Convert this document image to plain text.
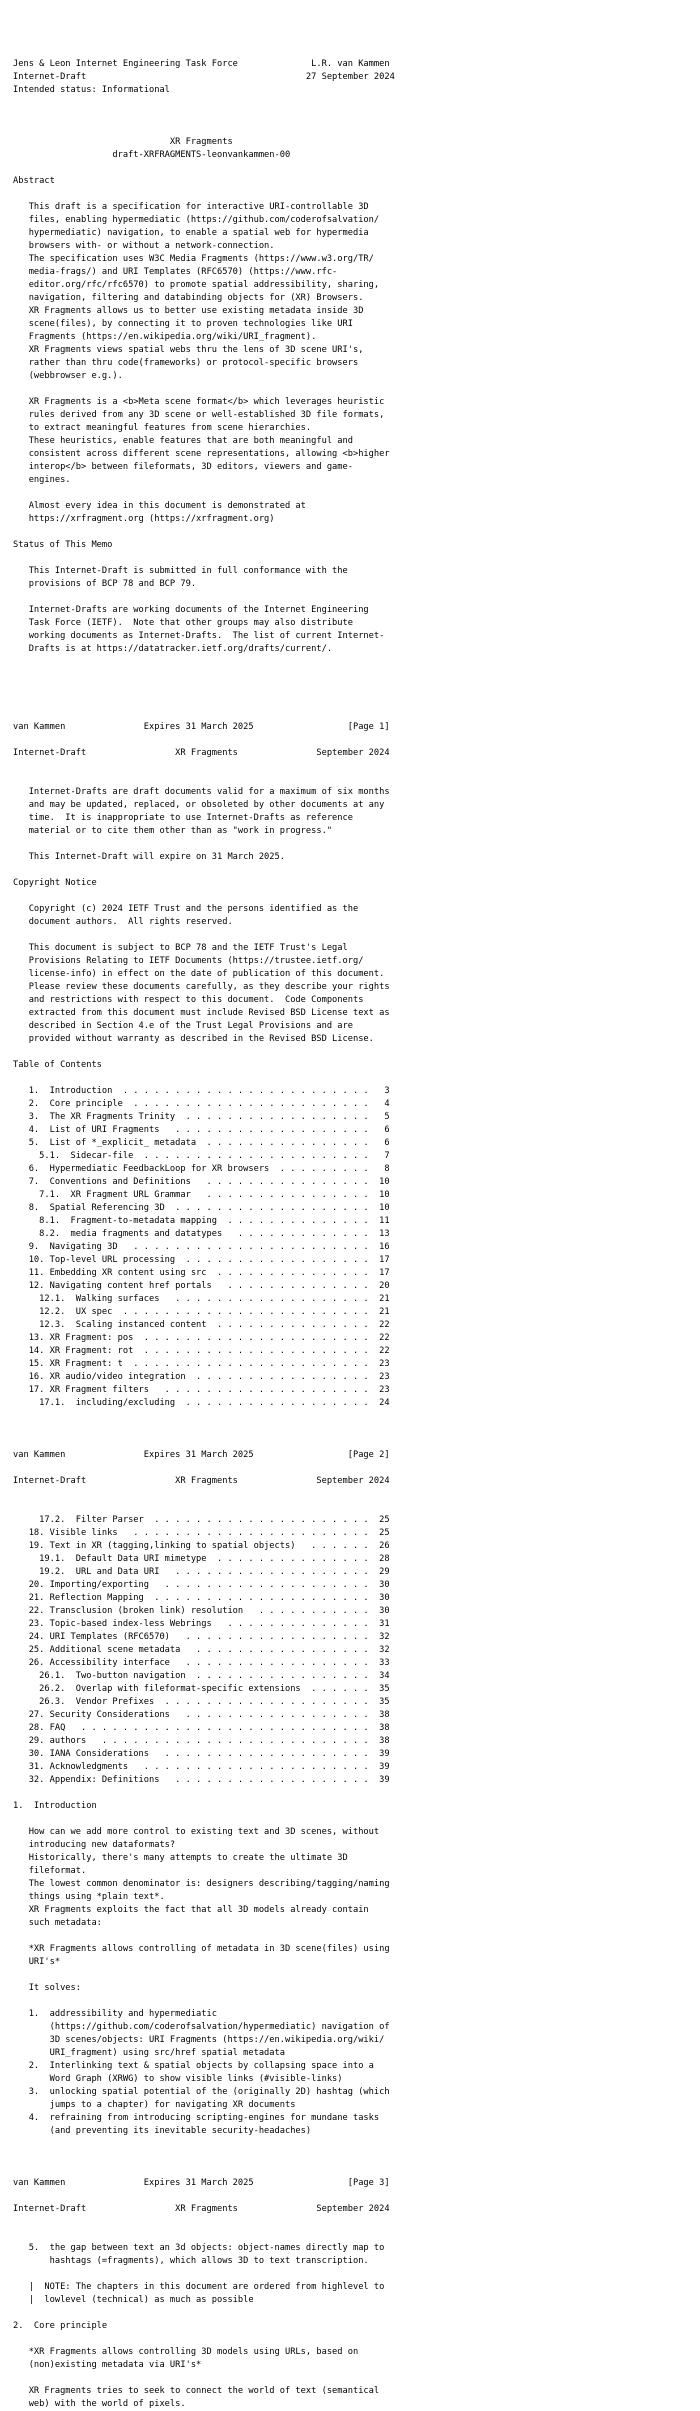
Jens & Leon Internet Engineering Task Force              L.R. van Kammen
Internet-Draft                                          27 September 2024
Intended status: Informational

XR Fragments
draft-XRFRAGMENTS-leonvankammen-00

Abstract

This draft is a specification for interactive URI-controllable 3D
files, enabling hypermediatic (https://github.com/coderofsalvation/
hypermediatic) navigation, to enable a spatial web for hypermedia
browsers with- or without a network-connection.
The specification uses W3C Media Fragments (https://www.w3.org/TR/
media-frags/) and URI Templates (RFC6570) (https://www.rfc-
editor.org/rfc/rfc6570) to promote spatial addressibility, sharing,
navigation, filtering and databinding objects for (XR) Browsers.
XR Fragments allows us to better use existing metadata inside 3D
scene(files), by connecting it to proven technologies like URI
Fragments (https://en.wikipedia.org/wiki/URI_fragment).
XR Fragments views spatial webs thru the lens of 3D scene URI's,
rather than thru code(frameworks) or protocol-specific browsers
(webbrowser e.g.).

XR Fragments is a <b>Meta scene format</b> which leverages heuristic
rules derived from any 3D scene or well-established 3D file formats,
to extract meaningful features from scene hierarchies.
These heuristics, enable features that are both meaningful and
consistent across different scene representations, allowing <b>higher
interop</b> between fileformats, 3D editors, viewers and game-
engines.

Almost every idea in this document is demonstrated at
https://xrfragment.org (https://xrfragment.org)

Status of This Memo

This Internet-Draft is submitted in full conformance with the
provisions of BCP 78 and BCP 79.

Internet-Drafts are working documents of the Internet Engineering
Task Force (IETF).  Note that other groups may also distribute
working documents as Internet-Drafts.  The list of current Internet-
Drafts is at https://datatracker.ietf.org/drafts/current/.

van Kammen               Expires 31 March 2025                  [Page 1]

Internet-Draft                 XR Fragments               September 2024

Internet-Drafts are draft documents valid for a maximum of six months
and may be updated, replaced, or obsoleted by other documents at any
time.  It is inappropriate to use Internet-Drafts as reference
material or to cite them other than as "work in progress."

This Internet-Draft will expire on 31 March 2025.

Copyright Notice

Copyright (c) 2024 IETF Trust and the persons identified as the
document authors.  All rights reserved.

This document is subject to BCP 78 and the IETF Trust's Legal
Provisions Relating to IETF Documents (https://trustee.ietf.org/
license-info) in effect on the date of publication of this document.
Please review these documents carefully, as they describe your rights
and restrictions with respect to this document.  Code Components
extracted from this document must include Revised BSD License text as
described in Section 4.e of the Trust Legal Provisions and are
provided without warranty as described in the Revised BSD License.

Table of Contents

1.  Introduction  . . . . . . . . . . . . . . . . . . . . . . . .   3
2.  Core principle  . . . . . . . . . . . . . . . . . . . . . . .   4
3.  The XR Fragments Trinity  . . . . . . . . . . . . . . . . . .   5
4.  List of URI Fragments   . . . . . . . . . . . . . . . . . . .   6
5.  List of *_explicit_ metadata  . . . . . . . . . . . . . . . .   6
5.1.  Sidecar-file  . . . . . . . . . . . . . . . . . . . . . .   7
6.  Hypermediatic FeedbackLoop for XR browsers  . . . . . . . . .   8
7.  Conventions and Definitions   . . . . . . . . . . . . . . . .  10
7.1.  XR Fragment URL Grammar   . . . . . . . . . . . . . . . .  10
8.  Spatial Referencing 3D  . . . . . . . . . . . . . . . . . . .  10
8.1.  Fragment-to-metadata mapping  . . . . . . . . . . . . . .  11
8.2.  media fragments and datatypes   . . . . . . . . . . . . .  13
9.  Navigating 3D   . . . . . . . . . . . . . . . . . . . . . . .  16
10. Top-level URL processing  . . . . . . . . . . . . . . . . . .  17
11. Embedding XR content using src  . . . . . . . . . . . . . . .  17
12. Navigating content href portals   . . . . . . . . . . . . . .  20
12.1.  Walking surfaces   . . . . . . . . . . . . . . . . . . .  21
12.2.  UX spec  . . . . . . . . . . . . . . . . . . . . . . . .  21
12.3.  Scaling instanced content  . . . . . . . . . . . . . . .  22
13. XR Fragment: pos  . . . . . . . . . . . . . . . . . . . . . .  22
14. XR Fragment: rot  . . . . . . . . . . . . . . . . . . . . . .  22
15. XR Fragment: t  . . . . . . . . . . . . . . . . . . . . . . .  23
16. XR audio/video integration  . . . . . . . . . . . . . . . . .  23
17. XR Fragment filters   . . . . . . . . . . . . . . . . . . . .  23
17.1.  including/excluding  . . . . . . . . . . . . . . . . . .  24

van Kammen               Expires 31 March 2025                  [Page 2]

Internet-Draft                 XR Fragments               September 2024

17.2.  Filter Parser  . . . . . . . . . . . . . . . . . . . . .  25
18. Visible links   . . . . . . . . . . . . . . . . . . . . . . .  25
19. Text in XR (tagging,linking to spatial objects)   . . . . . .  26
19.1.  Default Data URI mimetype  . . . . . . . . . . . . . . .  28
19.2.  URL and Data URI   . . . . . . . . . . . . . . . . . . .  29
20. Importing/exporting   . . . . . . . . . . . . . . . . . . . .  30
21. Reflection Mapping  . . . . . . . . . . . . . . . . . . . . .  30
22. Transclusion (broken link) resolution   . . . . . . . . . . .  30
23. Topic-based index-less Webrings   . . . . . . . . . . . . . .  31
24. URI Templates (RFC6570)   . . . . . . . . . . . . . . . . . .  32
25. Additional scene metadata   . . . . . . . . . . . . . . . . .  32
26. Accessibility interface   . . . . . . . . . . . . . . . . . .  33
26.1.  Two-button navigation  . . . . . . . . . . . . . . . . .  34
26.2.  Overlap with fileformat-specific extensions  . . . . . .  35
26.3.  Vendor Prefixes  . . . . . . . . . . . . . . . . . . . .  35
27. Security Considerations   . . . . . . . . . . . . . . . . . .  38
28. FAQ   . . . . . . . . . . . . . . . . . . . . . . . . . . . .  38
29. authors   . . . . . . . . . . . . . . . . . . . . . . . . . .  38
30. IANA Considerations   . . . . . . . . . . . . . . . . . . . .  39
31. Acknowledgments   . . . . . . . . . . . . . . . . . . . . . .  39
32. Appendix: Definitions   . . . . . . . . . . . . . . . . . . .  39

1.  Introduction

How can we add more control to existing text and 3D scenes, without
introducing new dataformats?
Historically, there's many attempts to create the ultimate 3D
fileformat.
The lowest common denominator is: designers describing/tagging/naming
things using *plain text*.
XR Fragments exploits the fact that all 3D models already contain
such metadata:

*XR Fragments allows controlling of metadata in 3D scene(files) using
URI's*

It solves:

1.  addressibility and hypermediatic
(https://github.com/coderofsalvation/hypermediatic) navigation of
3D scenes/objects: URI Fragments (https://en.wikipedia.org/wiki/
URI_fragment) using src/href spatial metadata
2.  Interlinking text & spatial objects by collapsing space into a
Word Graph (XRWG) to show visible links (#visible-links)
3.  unlocking spatial potential of the (originally 2D) hashtag (which
jumps to a chapter) for navigating XR documents
4.  refraining from introducing scripting-engines for mundane tasks
(and preventing its inevitable security-headaches)

van Kammen               Expires 31 March 2025                  [Page 3]

Internet-Draft                 XR Fragments               September 2024

5.  the gap between text an 3d objects: object-names directly map to
hashtags (=fragments), which allows 3D to text transcription.

|  NOTE: The chapters in this document are ordered from highlevel to
|  lowlevel (technical) as much as possible

2.  Core principle

*XR Fragments allows controlling 3D models using URLs, based on
(non)existing metadata via URI's*

XR Fragments tries to seek to connect the world of text (semantical
web) with the world of pixels.
